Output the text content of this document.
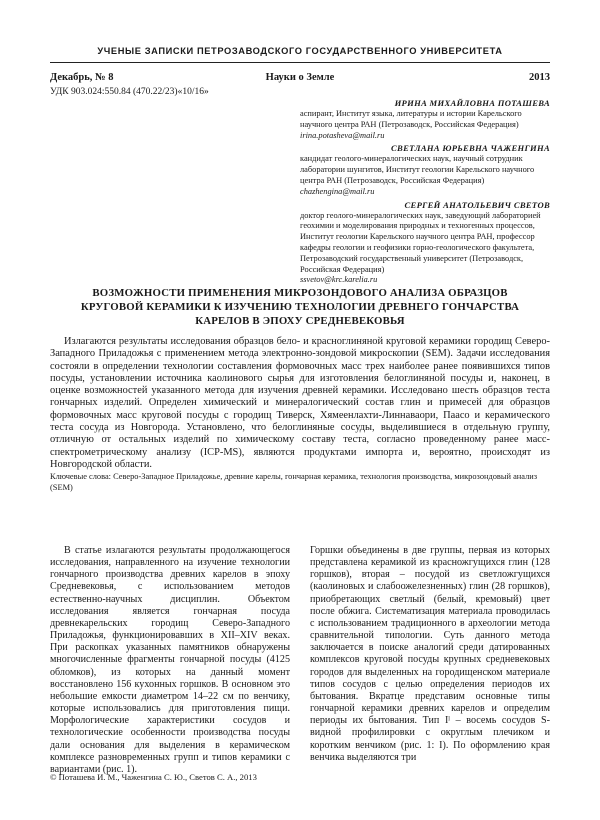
УЧЕНЫЕ ЗАПИСКИ ПЕТРОЗАВОДСКОГО ГОСУДАРСТВЕННОГО УНИВЕРСИТЕТА
Декабрь, № 8	Науки о Земле	2013
УДК 903.024:550.84 (470.22/23)«10/16»
ИРИНА МИХАЙЛОВНА ПОТАШЕВА
аспирант, Институт языка, литературы и истории Карельского научного центра РАН (Петрозаводск, Российская Федерация)
irina.potasheva@mail.ru
СВЕТЛАНА ЮРЬЕВНА ЧАЖЕНГИНА
кандидат геолого-минералогических наук, научный сотрудник лаборатории шунгитов, Институт геологии Карельского научного центра РАН (Петрозаводск, Российская Федерация)
chazhengina@mail.ru
СЕРГЕЙ АНАТОЛЬЕВИЧ СВЕТОВ
доктор геолого-минералогических наук, заведующий лабораторией геохимии и моделирования природных и техногенных процессов, Институт геологии Карельского научного центра РАН, профессор кафедры геологии и геофизики горно-геологического факультета, Петрозаводский государственный университет (Петрозаводск, Российская Федерация)
ssvetov@krc.karelia.ru
ВОЗМОЖНОСТИ ПРИМЕНЕНИЯ МИКРОЗОНДОВОГО АНАЛИЗА ОБРАЗЦОВ КРУГОВОЙ КЕРАМИКИ К ИЗУЧЕНИЮ ТЕХНОЛОГИИ ДРЕВНЕГО ГОНЧАРСТВА КАРЕЛОВ В ЭПОХУ СРЕДНЕВЕКОВЬЯ

Излагаются результаты исследования образцов бело- и красноглиняной круговой керамики городищ Северо-Западного Приладожья с применением метода электронно-зондовой микроскопии (SEM). Задачи исследования состояли в определении технологии составления формовочных масс трех наиболее ранее появившихся типов посуды, установлении источника каолинового сырья для изготовления белоглиняной посуды и, наконец, в оценке возможностей указанного метода для изучения древней керамики. Исследовано шесть образцов теста гончарных изделий. Определен химический и минералогический состав глин и примесей для образцов формовочных масс круговой посуды с городищ Тиверск, Хямеенлахти-Линнаваори, Паасо и керамического теста сосуда из Новгорода. Установлено, что белоглиняные сосуды, выделившиеся в отдельную группу, отличную от остальных изделий по химическому составу теста, согласно проведенному ранее масс-спектрометрическому анализу (ICP-MS), являются продуктами импорта и, вероятно, происходят из Новгородской области.

Ключевые слова: Северо-Западное Приладожье, древние карелы, гончарная керамика, технология производства, микрозондовый анализ (SEM)

В статье излагаются результаты продолжающегося исследования, направленного на изучение технологии гончарного производства древних карелов в эпоху Средневековья, с использованием методов естественно-научных дисциплин. Объектом исследования является гончарная посуда древнекарельских городищ Северо-Западного Приладожья, функционировавших в XII–XIV веках. При раскопках указанных памятников обнаружены многочисленные фрагменты гончарной посуды (4125 обломков), из которых на данный момент восстановлено 156 кухонных горшков. В основном это небольшие емкости диаметром 14–22 см по венчику, которые использовались для приготовления пищи. Морфологические характеристики сосудов и технологические особенности производства посуды дали основания для выделения в керамическом комплексе разновременных групп и типов керамики с вариантами (рис. 1).

Горшки объединены в две группы, первая из которых представлена керамикой из красножгущихся глин (128 горшков), вторая – посудой из светложгущихся (каолиновых и слабоожелезненных) глин (28 горшков), приобретающих светлый (белый, кремовый) цвет после обжига. Систематизация материала проводилась с использованием традиционного в археологии метода сравнительной типологии. Суть данного метода заключается в поиске аналогий среди датированных комплексов круговой посуды крупных средневековых городов для выделенных на городищенском материале типов сосудов с целью определения периодов их бытования. Вкратце представим основные типы гончарной керамики древних карелов и определим периоды их бытования. Тип Iˡ – восемь сосудов S-видной профилировки с округлым плечиком и коротким венчиком (рис. 1: I). По оформлению края венчика выделяются три

© Поташева И. М., Чаженгина С. Ю., Светов С. А., 2013
